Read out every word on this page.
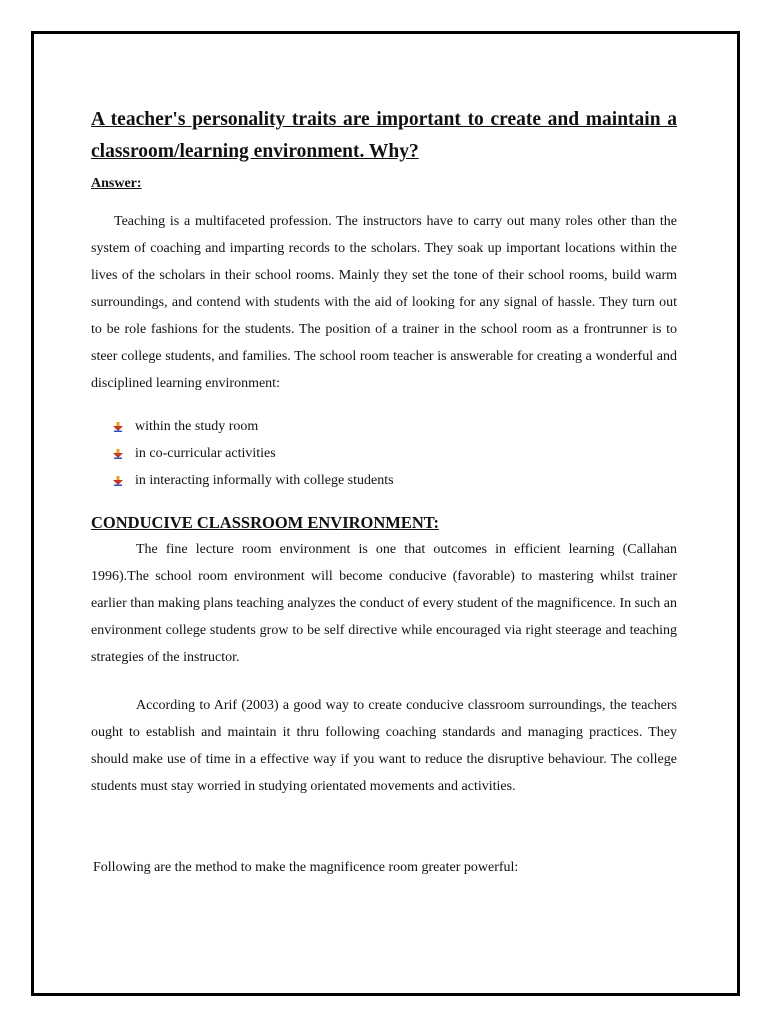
A teacher's personality traits are important to create and maintain a classroom/learning environment. Why?

Answer:

Teaching is a multifaceted profession. The instructors have to carry out many roles other than the system of coaching and imparting records to the scholars. They soak up important locations within the lives of the scholars in their school rooms. Mainly they set the tone of their school rooms, build warm surroundings, and contend with students with the aid of looking for any signal of hassle. They turn out to be role fashions for the students. The position of a trainer in the school room as a frontrunner is to steer college students, and families. The school room teacher is answerable for creating a wonderful and disciplined learning environment:

within the study room
in co-curricular activities
in interacting informally with college students
CONDUCIVE CLASSROOM ENVIRONMENT:

The fine lecture room environment is one that outcomes in efficient learning (Callahan 1996).The school room environment will become conducive (favorable) to mastering whilst trainer earlier than making plans teaching analyzes the conduct of every student of the magnificence. In such an environment college students grow to be self directive while encouraged via right steerage and teaching strategies of the instructor.

According to Arif (2003) a good way to create conducive classroom surroundings, the teachers ought to establish and maintain it thru following coaching standards and managing practices. They should make use of time in a effective way if you want to reduce the disruptive behaviour. The college students must stay worried in studying orientated movements and activities.

Following are the method to make the magnificence room greater powerful:
